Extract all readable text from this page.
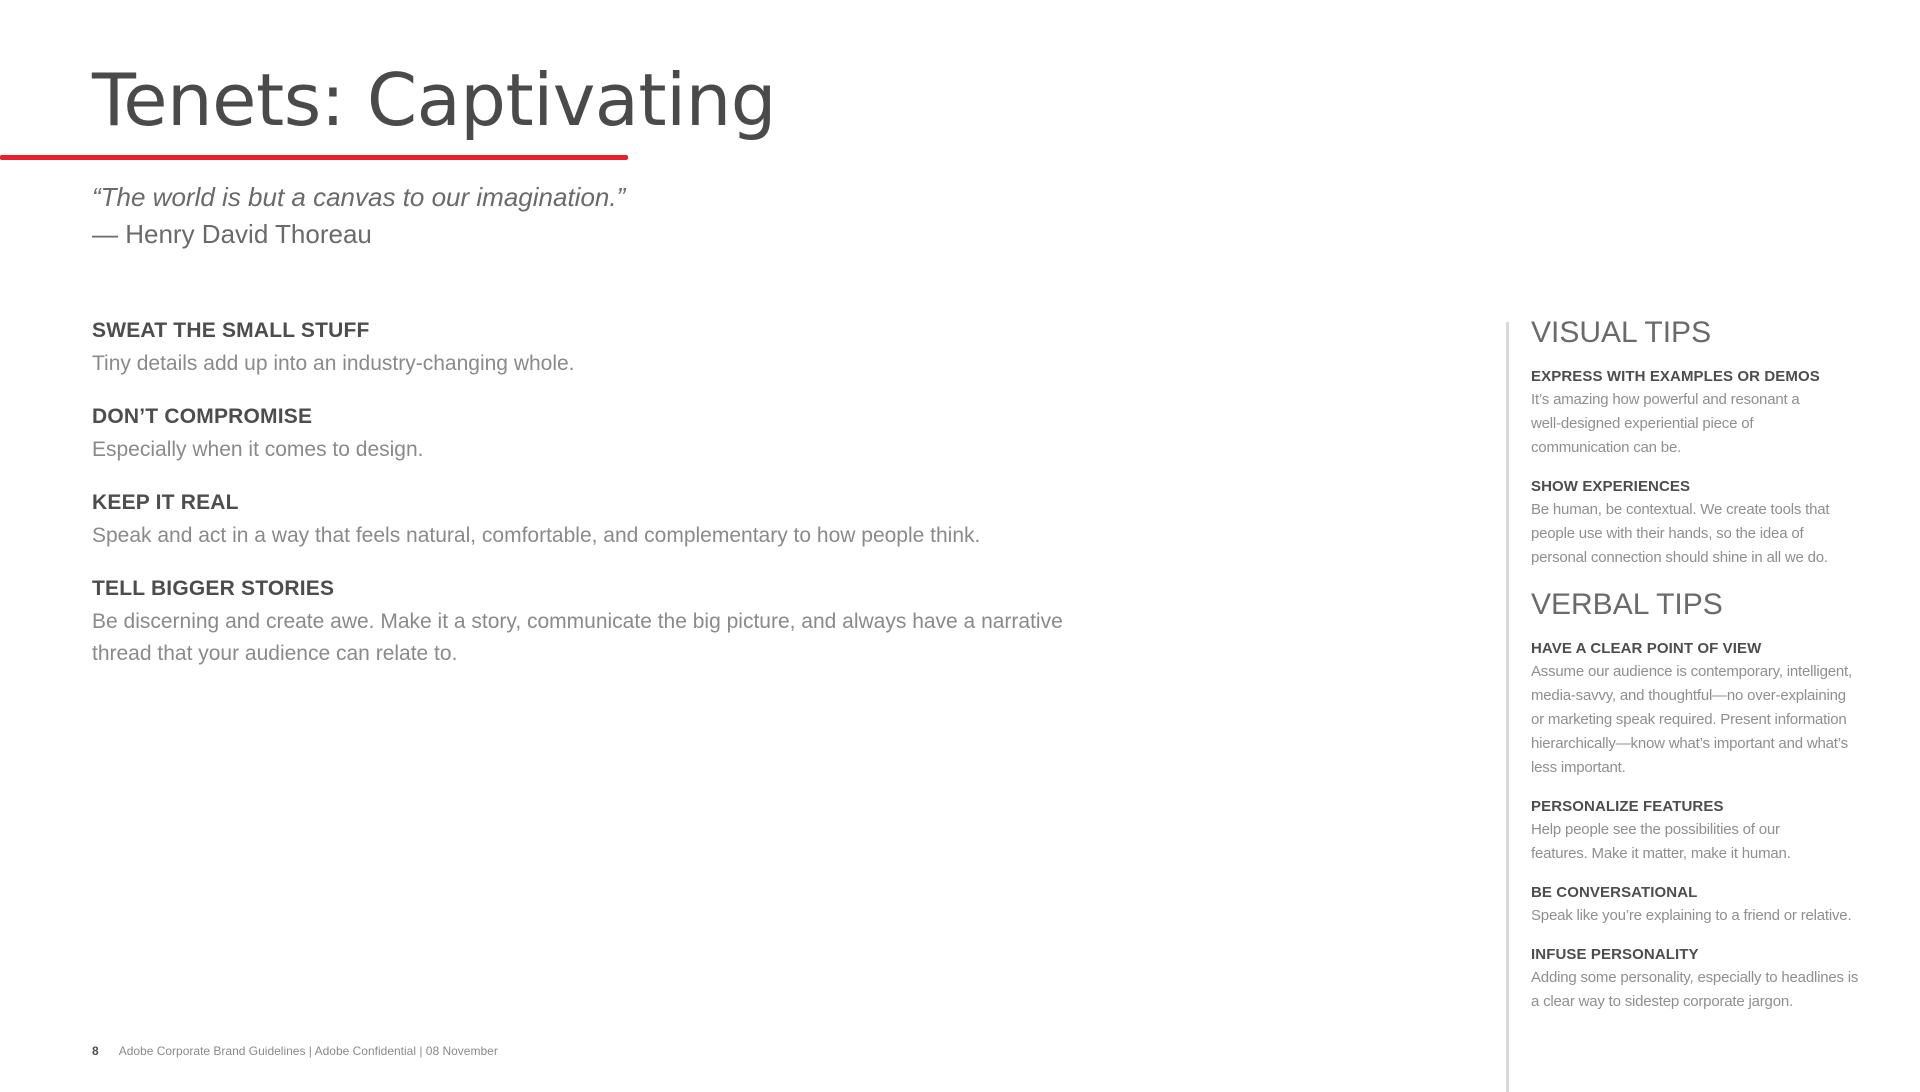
Tenets: Captivating
“The world is but a canvas to our imagination.”
— Henry David Thoreau
SWEAT THE SMALL STUFF
Tiny details add up into an industry-changing whole.
DON’T COMPROMISE
Especially when it comes to design.
KEEP IT REAL
Speak and act in a way that feels natural, comfortable, and complementary to how people think.
TELL BIGGER STORIES
Be discerning and create awe. Make it a story, communicate the big picture, and always have a narrative thread that your audience can relate to.
VISUAL TIPS
EXPRESS WITH EXAMPLES OR DEMOS
It’s amazing how powerful and resonant a well-designed experiential piece of communication can be.
SHOW EXPERIENCES
Be human, be contextual. We create tools that people use with their hands, so the idea of personal connection should shine in all we do.
VERBAL TIPS
HAVE A CLEAR POINT OF VIEW
Assume our audience is contemporary, intelligent, media-savvy, and thoughtful—no over-explaining or marketing speak required. Present information hierarchically—know what’s important and what’s less important.
PERSONALIZE FEATURES
Help people see the possibilities of our features. Make it matter, make it human.
BE CONVERSATIONAL
Speak like you’re explaining to a friend or relative.
INFUSE PERSONALITY
Adding some personality, especially to headlines is a clear way to sidestep corporate jargon.
8 Adobe Corporate Brand Guidelines | Adobe Confidential | 08 November
